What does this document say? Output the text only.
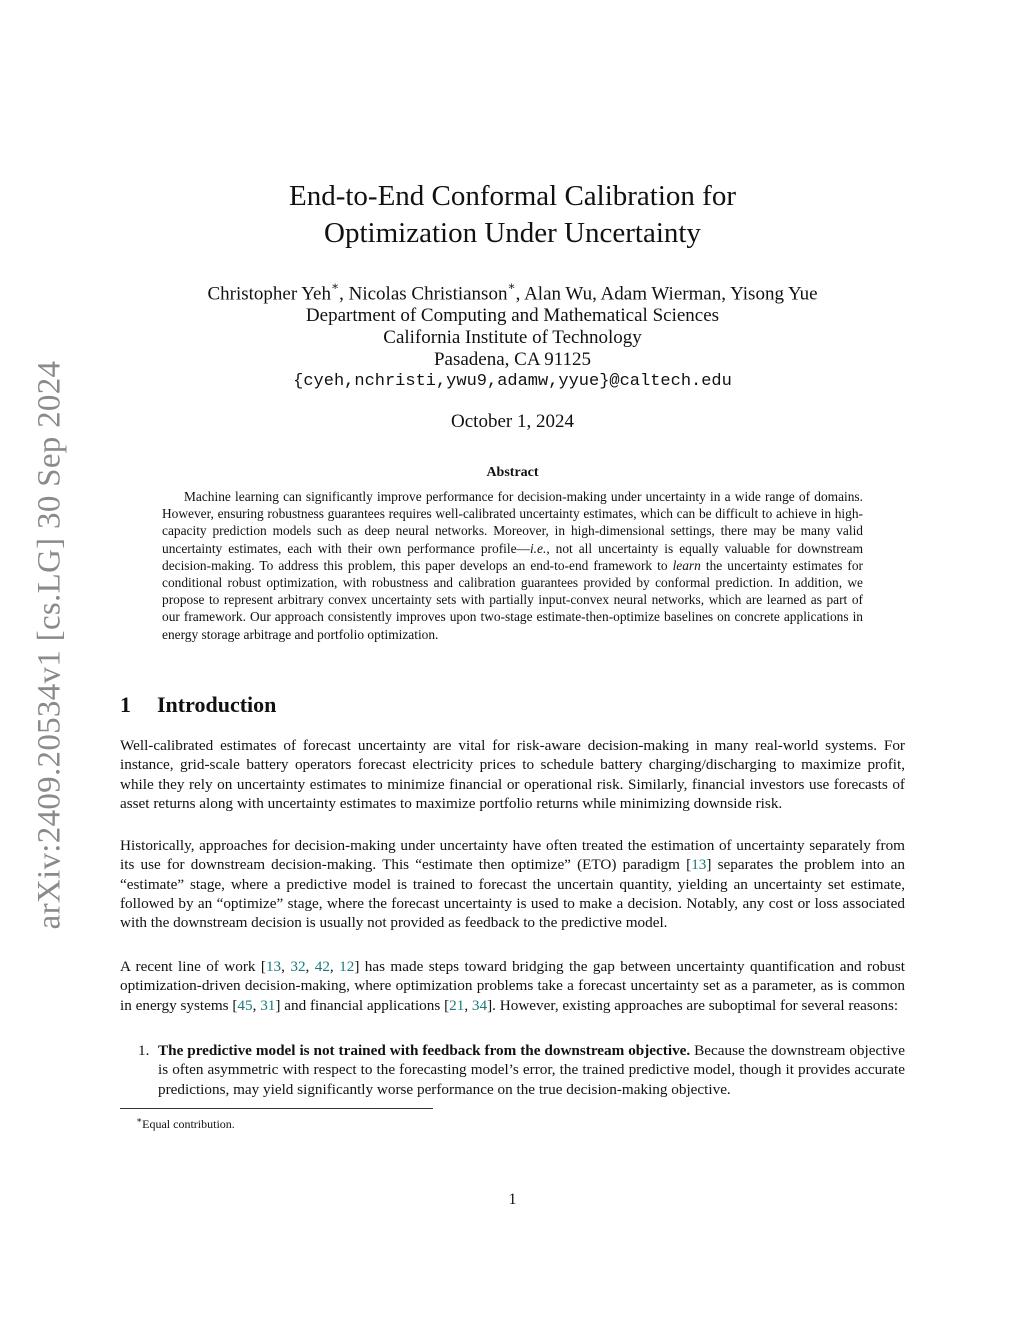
arXiv:2409.20534v1 [cs.LG] 30 Sep 2024
End-to-End Conformal Calibration for
Optimization Under Uncertainty
Christopher Yeh∗, Nicolas Christianson∗, Alan Wu, Adam Wierman, Yisong Yue
Department of Computing and Mathematical Sciences
California Institute of Technology
Pasadena, CA 91125
{cyeh,nchristi,ywu9,adamw,yyue}@caltech.edu
October 1, 2024
Abstract
Machine learning can significantly improve performance for decision-making under uncertainty in a wide range of domains. However, ensuring robustness guarantees requires well-calibrated uncertainty estimates, which can be difficult to achieve in high-capacity prediction models such as deep neural networks. Moreover, in high-dimensional settings, there may be many valid uncertainty estimates, each with their own performance profile—i.e., not all uncertainty is equally valuable for downstream decision-making. To address this problem, this paper develops an end-to-end framework to learn the uncertainty estimates for conditional robust optimization, with robustness and calibration guarantees provided by conformal prediction. In addition, we propose to represent arbitrary convex uncertainty sets with partially input-convex neural networks, which are learned as part of our framework. Our approach consistently improves upon two-stage estimate-then-optimize baselines on concrete applications in energy storage arbitrage and portfolio optimization.
1 Introduction
Well-calibrated estimates of forecast uncertainty are vital for risk-aware decision-making in many real-world systems. For instance, grid-scale battery operators forecast electricity prices to schedule battery charging/discharging to maximize profit, while they rely on uncertainty estimates to minimize financial or operational risk. Similarly, financial investors use forecasts of asset returns along with uncertainty estimates to maximize portfolio returns while minimizing downside risk.
Historically, approaches for decision-making under uncertainty have often treated the estimation of uncertainty separately from its use for downstream decision-making. This “estimate then optimize” (ETO) paradigm [13] separates the problem into an “estimate” stage, where a predictive model is trained to forecast the uncertain quantity, yielding an uncertainty set estimate, followed by an “optimize” stage, where the forecast uncertainty is used to make a decision. Notably, any cost or loss associated with the downstream decision is usually not provided as feedback to the predictive model.
A recent line of work [13, 32, 42, 12] has made steps toward bridging the gap between uncertainty quantification and robust optimization-driven decision-making, where optimization problems take a forecast uncertainty set as a parameter, as is common in energy systems [45, 31] and financial applications [21, 34]. However, existing approaches are suboptimal for several reasons:
1. The predictive model is not trained with feedback from the downstream objective. Because the downstream objective is often asymmetric with respect to the forecasting model’s error, the trained predictive model, though it provides accurate predictions, may yield significantly worse performance on the true decision-making objective.
∗Equal contribution.
1
